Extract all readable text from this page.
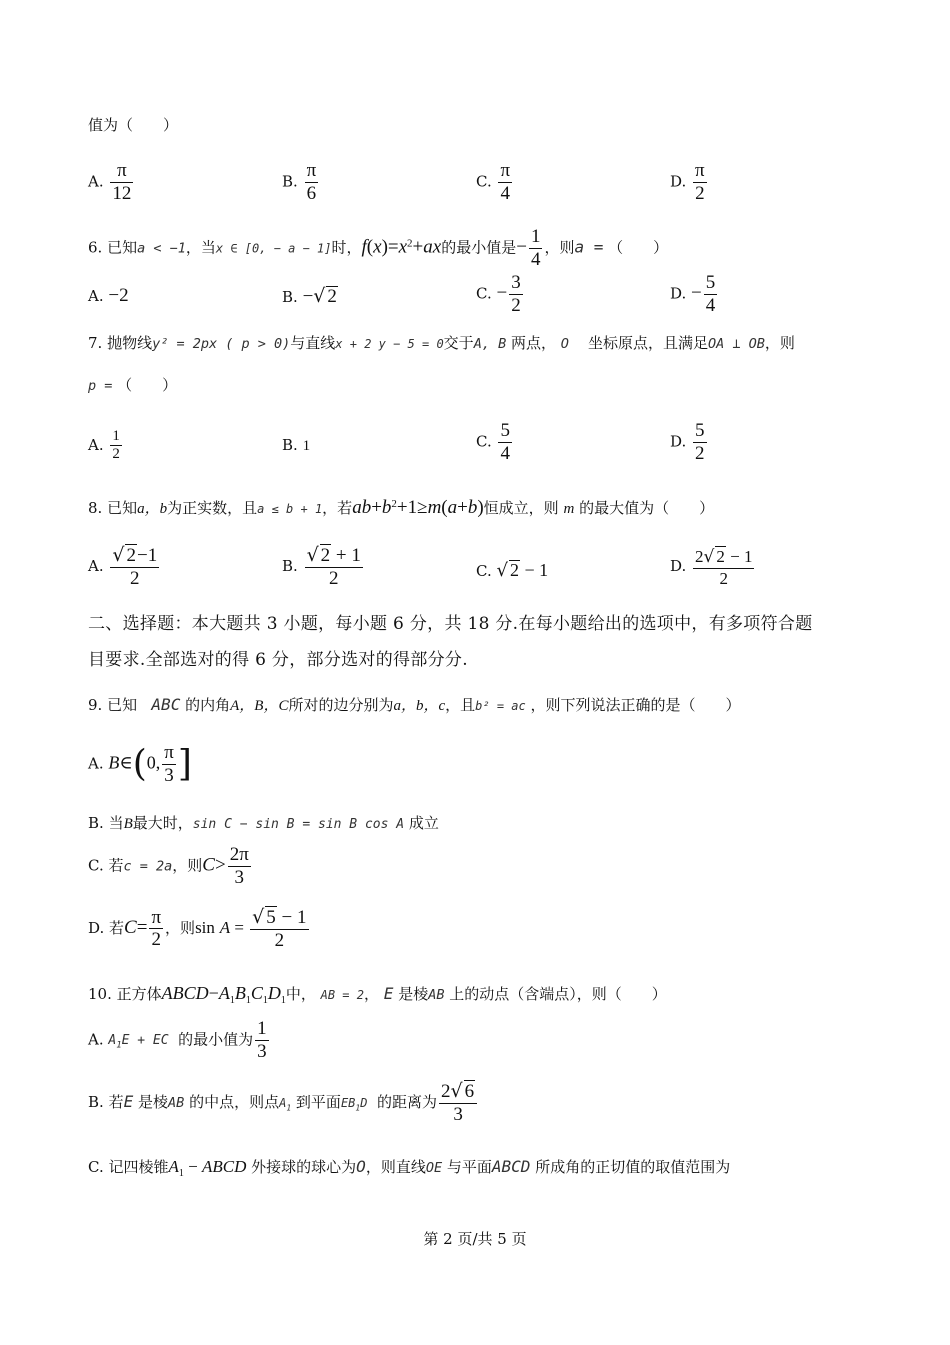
值为（　　）
A. $\frac{\pi}{12}$	B. $\frac{\pi}{6}$	C. $\frac{\pi}{4}$	D. $\frac{\pi}{2}$
6. 已知a < −1，当x ∈ [0, − a − 1]时，$f(x)=x^2+ax$的最小值是− $\frac{1}{4}$ ，则a = （　　）
A. −2	B. −√ 2	C. − $\frac{3}{2}$	D. − $\frac{5}{4}$
7. 抛物线y² = 2px ( p > 0)与直线x + 2 y − 5 = 0交于A, B 两点， O 坐标原点，且满足OA ⊥ OB，则
p = （　　）
A. $\frac{1}{2}$	B. 1	C. $\frac{5}{4}$	D. $\frac{5}{2}$
8. 已知a，b为正实数，且a ≤ b + 1，若$ab+b^2+1\ge m(a+b)$恒成立，则 m 的最大值为（　　）
A. $\frac{√ 2-1}{2}$	B. $\frac{√ 2 + 1}{2}$	C. √ 2 − 1	D. $\frac{2√ 2 - 1}{2}$
二、选择题：本大题共 3 小题，每小题 6 分，共 18 分.在每小题给出的选项中，有多项符合题
目要求.全部选对的得 6 分，部分选对的得部分分.
9. 已知 ABC 的内角A，B，C所对的边分别为a，b，c，且b² = ac ，则下列说法正确的是（　　）
A. B∈(0, $\frac{\pi}{3}$ ]
B. 当B最大时，sin C − sin B = sin B cos A 成立
C. 若c = 2a，则$C> \frac{2\pi}{3}$
D. 若$C= \frac{\pi}{2}$ ，则$\sin A = \frac{√ 5 - 1}{2}$
10. 正方体$ABCD-A_1B_1C_1D_1$中， AB = 2， E 是棱AB 上的动点（含端点），则（　　）
A. $A_1E$ + EC 的最小值为 $\frac{1}{3}$
B. 若E 是棱AB 的中点，则点$A_1$ 到平面$EB_1D$ 的距离为 $\frac{2√ 6}{3}$
C. 记四棱锥$A_1$ − ABCD 外接球的球心为O，则直线OE 与平面ABCD 所成角的正切值的取值范围为
第 2 页/共 5 页
